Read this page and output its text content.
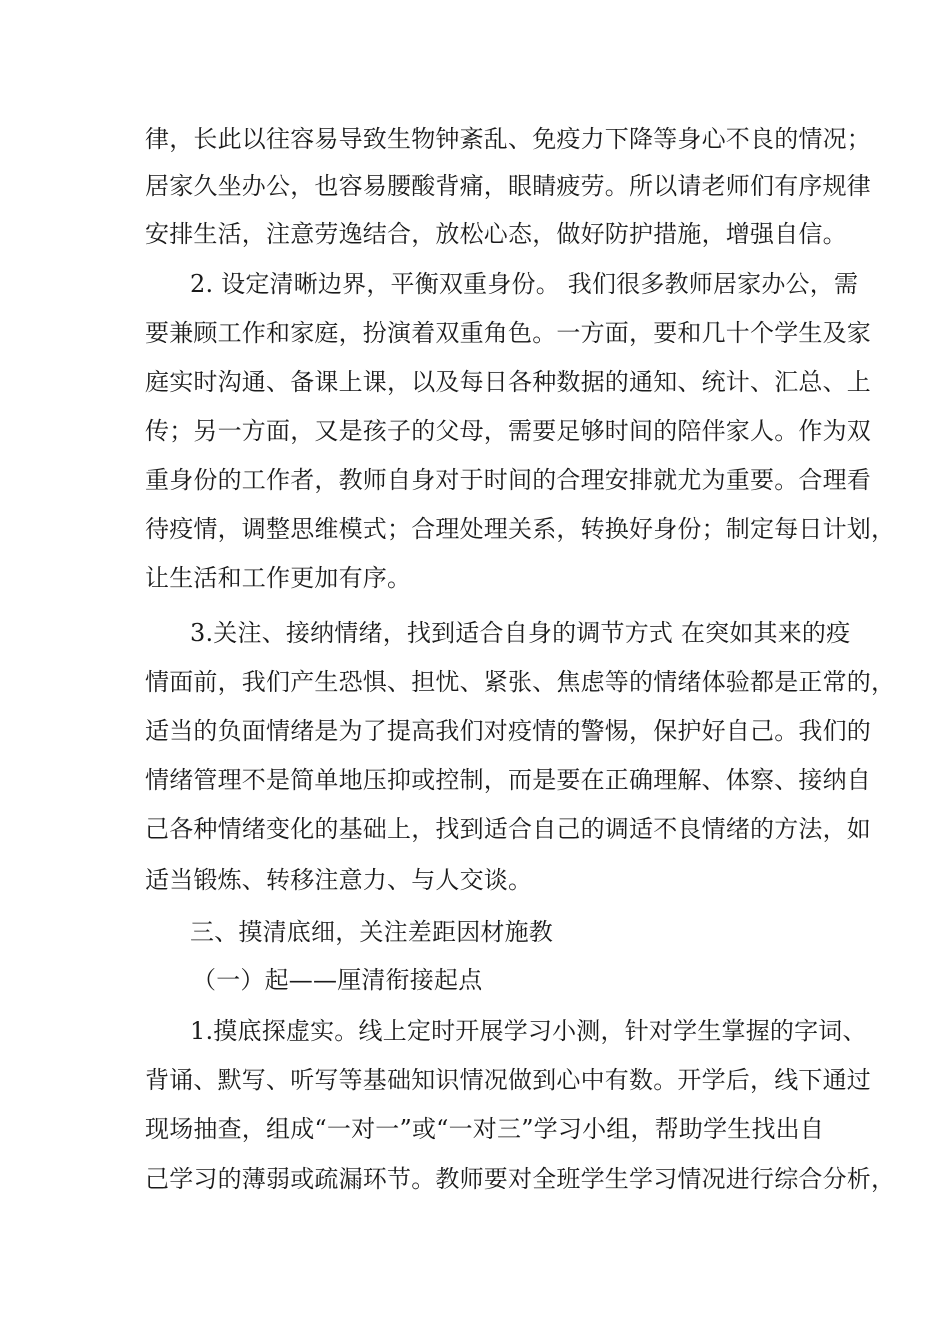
律，长此以往容易导致生物钟紊乱、免疫力下降等身心不良的情况；
居家久坐办公，也容易腰酸背痛，眼睛疲劳。所以请老师们有序规律
安排生活，注意劳逸结合，放松心态，做好防护措施，增强自信。
2. 设定清晰边界，平衡双重身份。 我们很多教师居家办公，需
要兼顾工作和家庭，扮演着双重角色。一方面，要和几十个学生及家
庭实时沟通、备课上课，以及每日各种数据的通知、统计、汇总、上
传；另一方面，又是孩子的父母，需要足够时间的陪伴家人。作为双
重身份的工作者，教师自身对于时间的合理安排就尤为重要。合理看
待疫情，调整思维模式；合理处理关系，转换好身份；制定每日计划，
让生活和工作更加有序。
3.关注、接纳情绪，找到适合自身的调节方式 在突如其来的疫
情面前，我们产生恐惧、担忧、紧张、焦虑等的情绪体验都是正常的，
适当的负面情绪是为了提高我们对疫情的警惕，保护好自己。我们的
情绪管理不是简单地压抑或控制，而是要在正确理解、体察、接纳自
己各种情绪变化的基础上，找到适合自己的调适不良情绪的方法，如
适当锻炼、转移注意力、与人交谈。
三、摸清底细，关注差距因材施教
（一）起——厘清衔接起点
1.摸底探虚实。线上定时开展学习小测，针对学生掌握的字词、
背诵、默写、听写等基础知识情况做到心中有数。开学后，线下通过
现场抽查，组成“一对一”或“一对三”学习小组，帮助学生找出自
己学习的薄弱或疏漏环节。教师要对全班学生学习情况进行综合分析，
